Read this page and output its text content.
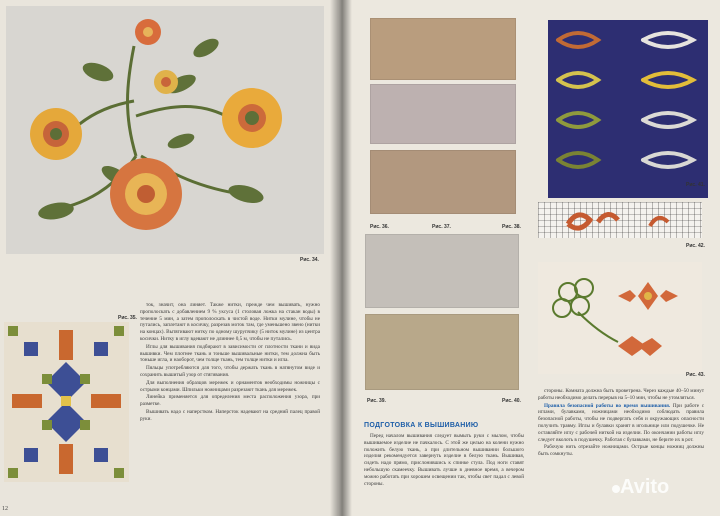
Рис. 34.
Рис. 35.

ток, значит, она линяет. Также нитки, прежде чем вышивать, нужно прополоскать с добавлением 9 % уксуса (1 столовая ложка на стакан воды) в течение 5 мин, а затем прополоскать в чистой воде. Нитки мулине, чтобы не путались, заплетают в косичку, разрезав моток там, где уменьшено звено (нитки на концах). Вытягивают нитку по одному шурупчику (5 ниток мулине) из центра косички. Нитку в иглу вдевают не длиннее 0,5 м, чтобы не путались.

Иглы для вышивания подбирают в зависимости от плотности ткани и вида вышивки. Чем плотнее ткань и тоньше вышивальные нитки, тем должна быть тоньше игла, и наоборот, чем толще ткань, тем толще нитки и игла.

Пяльцы употребляются для того, чтобы держать ткань в натянутом виде и сохранить вышитый узор от стягивания.

Для выполнения образцов мережек и орнаментов необходимы ножницы с острыми концами. Шпильки ножницами разрезают ткань для мережек.

Линейка применяется для определения места расположения узора, при разметке.

Вышивать надо с наперстком. Наперсток надевают на средний палец правой руки.

12
Рис. 36.	Рис. 37.	Рис. 38.
Рис. 39.	Рис. 40.
Рис. 41.
Рис. 42.
Рис. 43.
ПОДГОТОВКА К ВЫШИВАНИЮ

Перед началом вышивания следует вымыть руки с мылом, чтобы вышиваемое изделие не пачкалось. С этой же целью на колени нужно положить белую ткань, а при длительном вышивании большого изделия рекомендуется завернуть изделие в белую ткань. Вышивая, сидеть надо прямо, прислонившись к спинке стула. Под ноги ставят небольшую скамеечку. Вышивать лучше в дневное время, а вечером можно работать при хорошем освещении так, чтобы свет падал с левой стороны.

стороны. Комната должна быть проветрена. Через каждые 40–50 минут работы необходимо делать перерыв на 5–10 мин, чтобы не утомляться.

Правила безопасной работы во время вышивания. При работе с иглами, булавками, ножницами необходимо соблюдать правила безопасной работы, чтобы не подвергать себя и окружающих опасности получить травму. Иглы и булавки хранят в игольнице или подушечке. Не оставляйте иглу с рабочей ниткой на изделии. По окончании работы иглу следует вколоть в подушечку. Работая с булавками, не берите их в рот.

Рабочую нить отрезайте ножницами. Острые концы ножниц должны быть сомкнуты.

Avito
